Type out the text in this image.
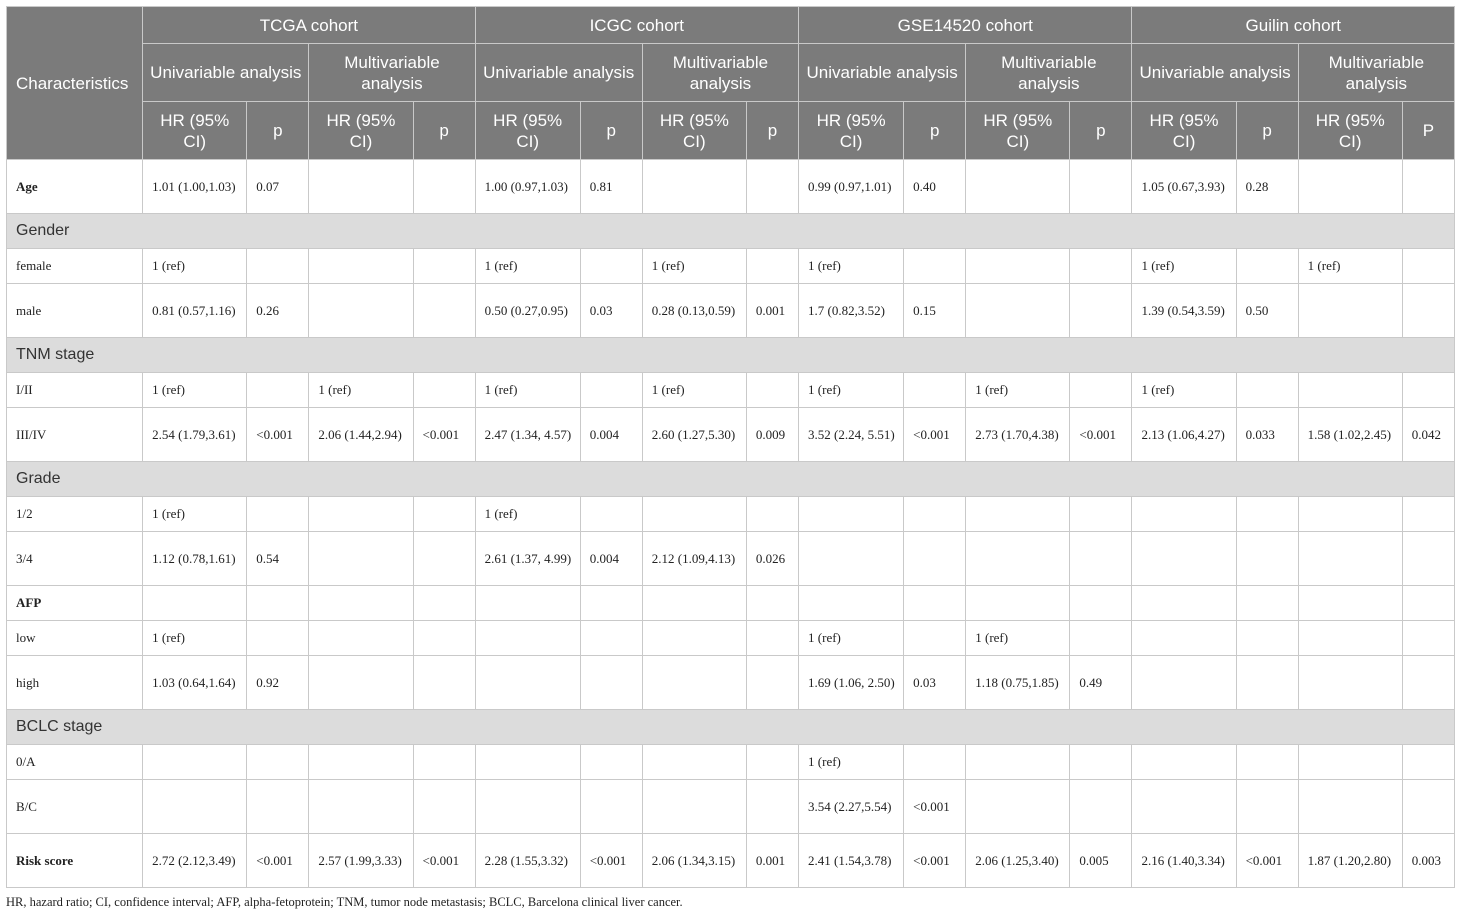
Characteristics	TCGA cohort				ICGC cohort				GSE14520 cohort				Guilin cohort			
	Univariable analysis		Multivariable analysis		Univariable analysis		Multivariable analysis		Univariable analysis		Multivariable analysis		Univariable analysis		Multivariable analysis	
	HR (95% CI)	p	HR (95% CI)	p	HR (95% CI)	p	HR (95% CI)	p	HR (95% CI)	p	HR (95% CI)	p	HR (95% CI)	p	HR (95% CI)	P
Age	1.01 (1.00,1.03)	0.07			1.00 (0.97,1.03)	0.81			0.99 (0.97,1.01)	0.40			1.05 (0.67,3.93)	0.28		
Gender																
female	1 (ref)				1 (ref)		1 (ref)		1 (ref)				1 (ref)		1 (ref)	
male	0.81 (0.57,1.16)	0.26			0.50 (0.27,0.95)	0.03	0.28 (0.13,0.59)	0.001	1.7 (0.82,3.52)	0.15			1.39 (0.54,3.59)	0.50		
TNM stage																
I/II	1 (ref)		1 (ref)		1 (ref)		1 (ref)		1 (ref)		1 (ref)		1 (ref)			
III/IV	2.54 (1.79,3.61)	<0.001	2.06 (1.44,2.94)	<0.001	2.47 (1.34, 4.57)	0.004	2.60 (1.27,5.30)	0.009	3.52 (2.24, 5.51)	<0.001	2.73 (1.70,4.38)	<0.001	2.13 (1.06,4.27)	0.033	1.58 (1.02,2.45)	0.042
Grade																
1/2	1 (ref)				1 (ref)											
3/4	1.12 (0.78,1.61)	0.54			2.61 (1.37, 4.99)	0.004	2.12 (1.09,4.13)	0.026								
AFP																
low	1 (ref)								1 (ref)		1 (ref)					
high	1.03 (0.64,1.64)	0.92							1.69 (1.06, 2.50)	0.03	1.18 (0.75,1.85)	0.49				
BCLC stage																
0/A									1 (ref)							
B/C									3.54 (2.27,5.54)	<0.001						
Risk score	2.72 (2.12,3.49)	<0.001	2.57 (1.99,3.33)	<0.001	2.28 (1.55,3.32)	<0.001	2.06 (1.34,3.15)	0.001	2.41 (1.54,3.78)	<0.001	2.06 (1.25,3.40)	0.005	2.16 (1.40,3.34)	<0.001	1.87 (1.20,2.80)	0.003
HR, hazard ratio; CI, confidence interval; AFP, alpha-fetoprotein; TNM, tumor node metastasis; BCLC, Barcelona clinical liver cancer.
